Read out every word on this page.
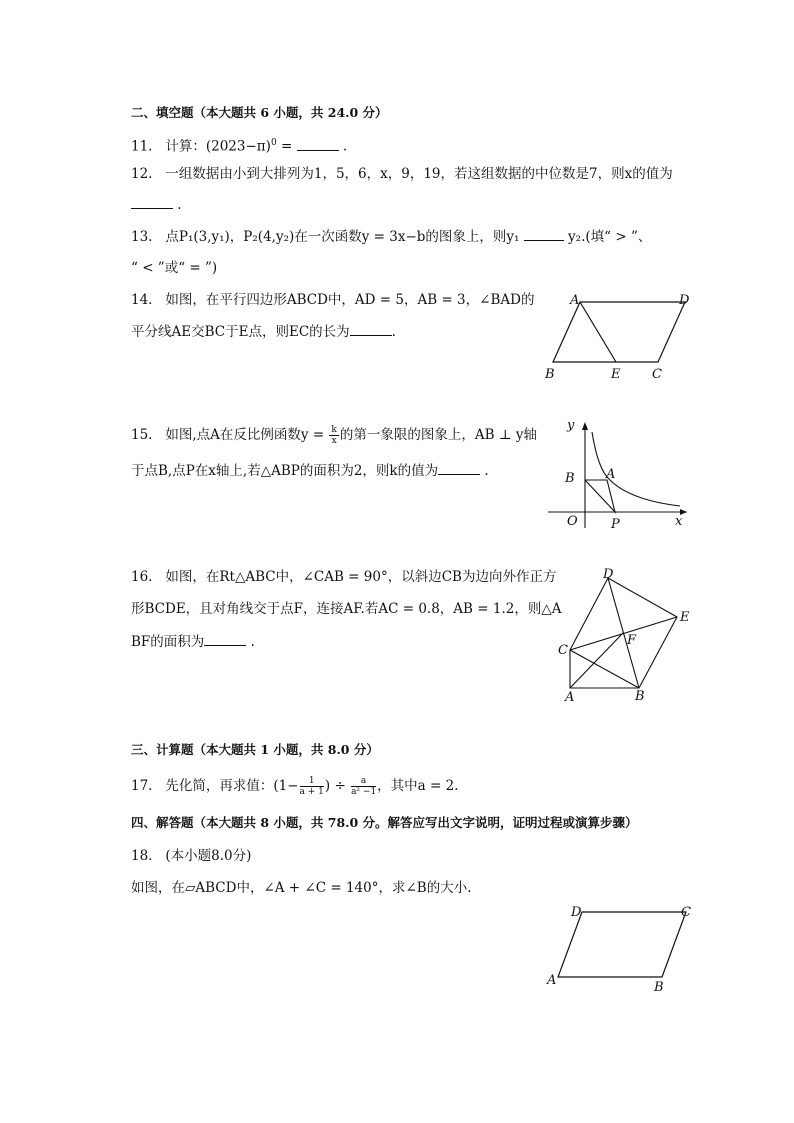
二、填空题（本大题共 6 小题，共 24.0 分）
11. 计算：$(2023-\pi)^0$ =	.
12. 一组数据由小到大排列为1，5，6，x，9，19，若这组数据的中位数是7，则x的值为
.
13. 点P₁(3,y₁)，P₂(4,y₂)在一次函数y = 3x−b的图象上，则y₁	y₂.(填“ > ”、
“ < ”或“ = ”)
14. 如图，在平行四边形ABCD中，AD = 5，AB = 3，∠BAD的
平分线AE交BC于E点，则EC的长为	.
A	D
B	E C
15. 如图,点A在反比例函数$y = \frac{k}{x}$ 的第一象限的图象上，AB ⊥ y轴
于点B,点P在x轴上,若△ABP的面积为2，则k的值为	.
y
x
O
B A
P
16. 如图，在Rt△ABC中，∠CAB = 90°，以斜边CB为边向外作正方
形BCDE，且对角线交于点F，连接AF.若AC = 0.8，AB = 1.2，则△A
BF的面积为	.
D
E
F
C
A	B
三、计算题（本大题共 1 小题，共 8.0 分）
17. 先化简，再求值：($1- \frac{1}{a + 1}$ ) ÷ $\frac{a}{\text{a² −1}}$ ，其中a = 2.
四、解答题（本大题共 8 小题，共 78.0 分。解答应写出文字说明，证明过程或演算步骤）
18. (本小题8.0分)
如图，在▱ABCD中，∠A + ∠C = 140°，求∠B的大小.
D	C
A	B
